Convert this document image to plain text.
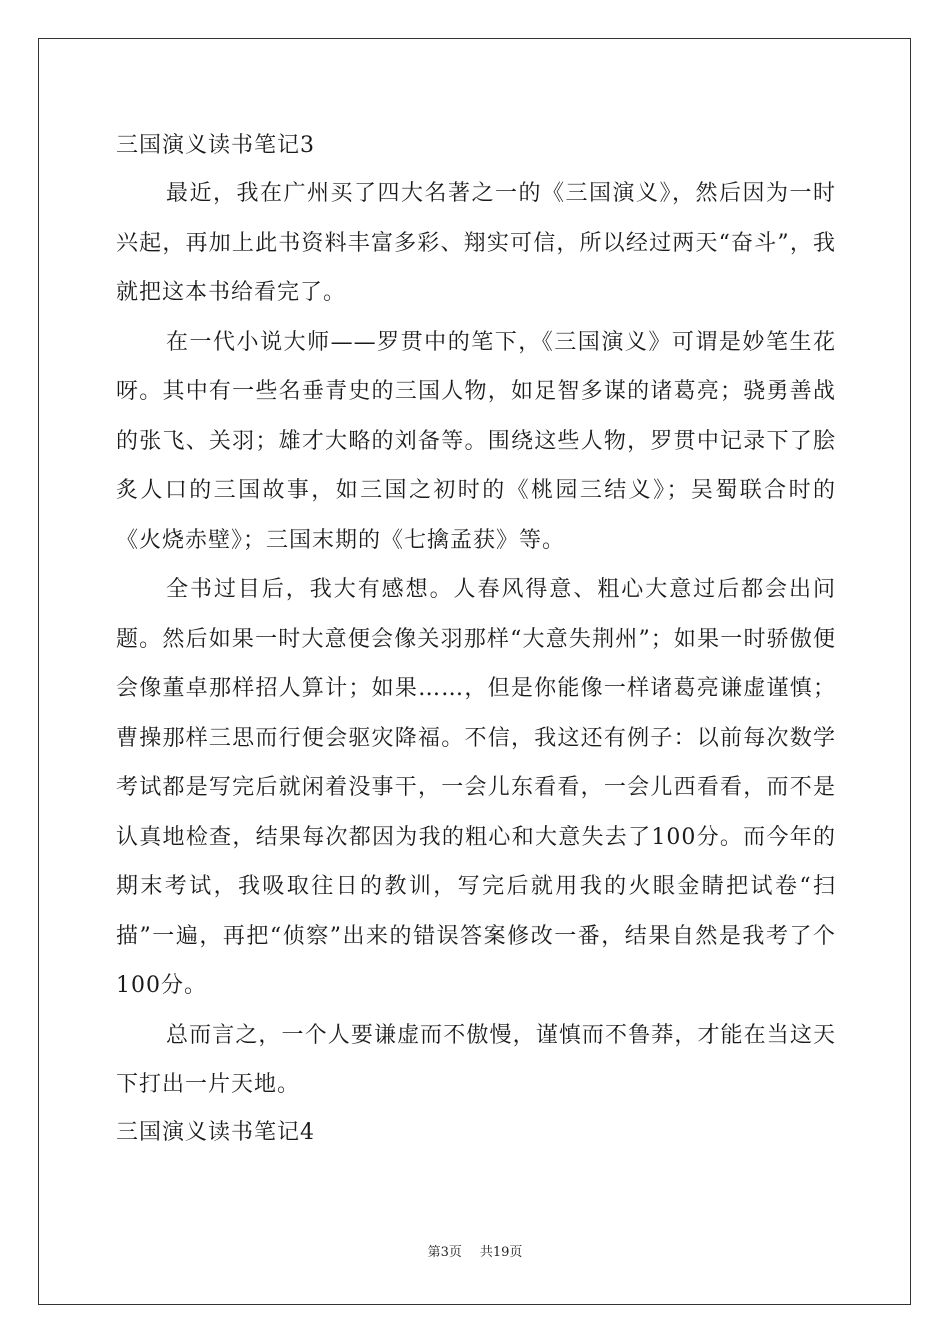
三国演义读书笔记3

最近，我在广州买了四大名著之一的《三国演义》，然后因为一时兴起，再加上此书资料丰富多彩、翔实可信，所以经过两天“奋斗”，我就把这本书给看完了。

在一代小说大师——罗贯中的笔下，《三国演义》可谓是妙笔生花呀。其中有一些名垂青史的三国人物，如足智多谋的诸葛亮；骁勇善战的张飞、关羽；雄才大略的刘备等。围绕这些人物，罗贯中记录下了脍炙人口的三国故事，如三国之初时的《桃园三结义》；吴蜀联合时的《火烧赤壁》；三国末期的《七擒孟获》等。

全书过目后，我大有感想。人春风得意、粗心大意过后都会出问题。然后如果一时大意便会像关羽那样“大意失荆州”；如果一时骄傲便会像董卓那样招人算计；如果……，但是你能像一样诸葛亮谦虚谨慎；曹操那样三思而行便会驱灾降福。不信，我这还有例子：以前每次数学考试都是写完后就闲着没事干，一会儿东看看，一会儿西看看，而不是认真地检查，结果每次都因为我的粗心和大意失去了100分。而今年的期末考试，我吸取往日的教训，写完后就用我的火眼金睛把试卷“扫描”一遍，再把“侦察”出来的错误答案修改一番，结果自然是我考了个100分。

总而言之，一个人要谦虚而不傲慢，谨慎而不鲁莽，才能在当这天下打出一片天地。

三国演义读书笔记4

第3页 共19页
